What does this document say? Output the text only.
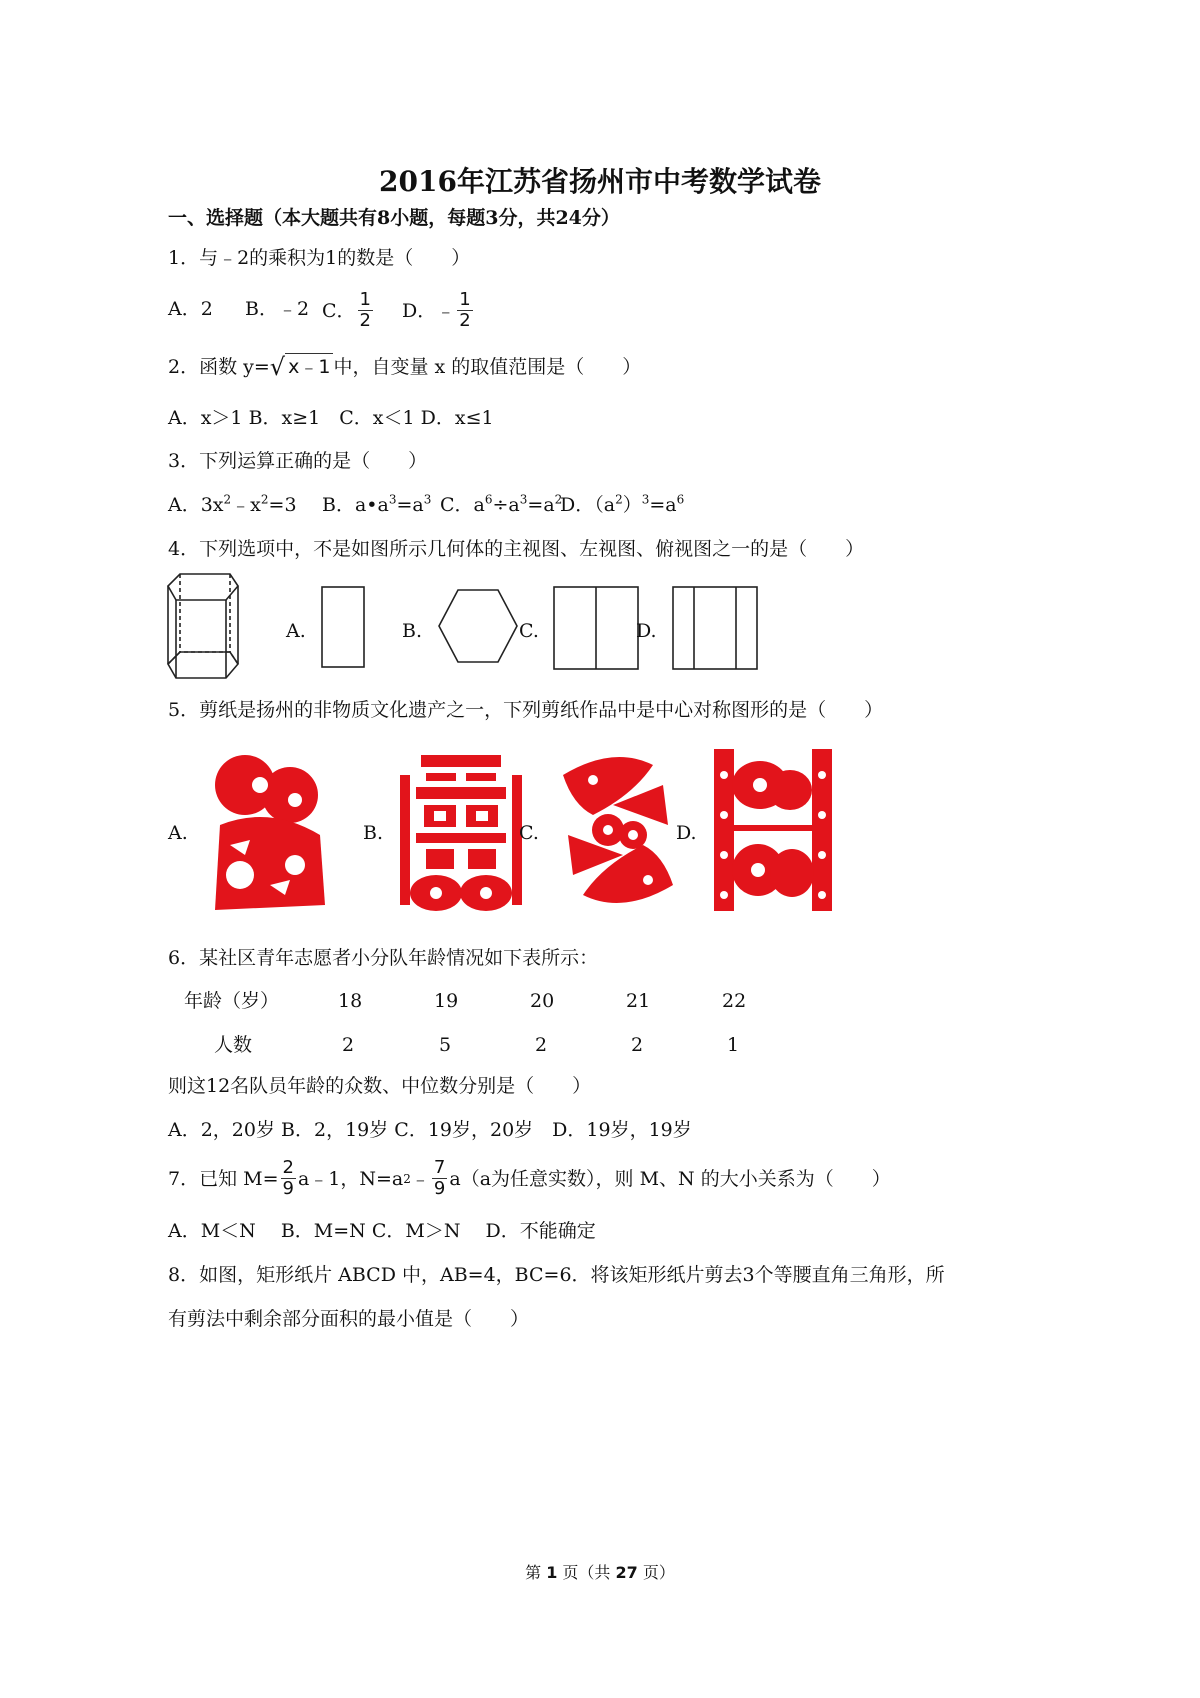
2016年江苏省扬州市中考数学试卷
一、选择题（本大题共有8小题，每题3分，共24分）
1．与﹣2的乘积为1的数是（　　）
A．2 B．﹣2 C． $\frac{1}{2}$ D．﹣ $\frac{1}{2}$
2．函数 y= √ x﹣1 中，自变量 x 的取值范围是（　　）
A．x＞1 B．x≥1　C．x＜1 D．x≤1
3．下列运算正确的是（　　）
A．$3x^2﹣x^2=3$ B．$a•a^3=a^3$ C．$a^6\div a^3=a^2$
D．$(a^2)^3=a^6$
4．下列选项中，不是如图所示几何体的主视图、左视图、俯视图之一的是（　　）
A.	B.	C.	D.
5．剪纸是扬州的非物质文化遗产之一，下列剪纸作品中是中心对称图形的是（　　）
A.	B.	C.	D.
6．某社区青年志愿者小分队年龄情况如下表所示：
年龄（岁）	18	19	20	21	22
人数	2	5	2	2	1
则这12名队员年龄的众数、中位数分别是（　　）
A．2，20岁 B．2，19岁 C．19岁，20岁　D．19岁，19岁
7．已知 $M= \frac{2}{9}$ a﹣1，N=a 2 ﹣ $\frac{7}{9} a(a$为任意实数），则 M、N 的大小关系为（　　）
A．M＜N　 B．M=N C．M＞N　 D．不能确定
8．如图，矩形纸片 ABCD 中，AB=4，BC=6．将该矩形纸片剪去3个等腰直角三角形，所
有剪法中剩余部分面积的最小值是（　　）
第 1 页（共 27 页）
